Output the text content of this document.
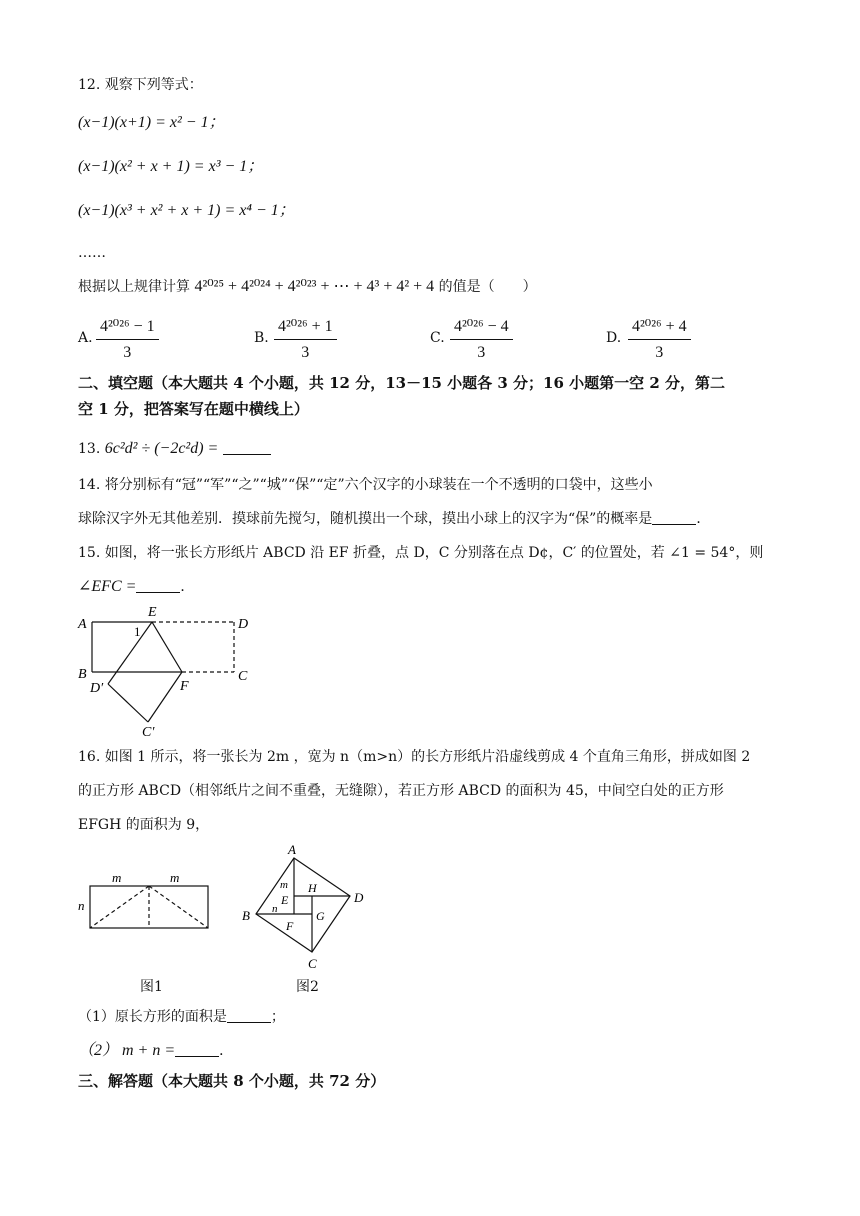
12. 观察下列等式：
(x−1)(x+1) = x² − 1；
(x−1)(x² + x + 1) = x³ − 1；
(x−1)(x³ + x² + x + 1) = x⁴ − 1；
……
根据以上规律计算 4²⁰²⁵ + 4²⁰²⁴ + 4²⁰²³ + ⋯ + 4³ + 4² + 4 的值是（　　）
A. $\frac{\text{4²⁰²⁶ − 1}}{3}$	B. $\frac{\text{4²⁰²⁶ + 1}}{3}$	C. $\frac{\text{4²⁰²⁶ − 4}}{3}$	D. $\frac{\text{4²⁰²⁶ + 4}}{3}$
二、填空题（本大题共 4 个小题，共 12 分，13－15 小题各 3 分；16 小题第一空 2 分，第二
空 1 分，把答案写在题中横线上）
13. 6c²d² ÷ (−2c²d) =
14. 将分别标有“冠”“军”“之”“城”“保”“定”六个汉字的小球装在一个不透明的口袋中，这些小
球除汉字外无其他差别．摸球前先搅匀，随机摸出一个球，摸出小球上的汉字为“保”的概率是	．
15. 如图，将一张长方形纸片 ABCD 沿 EF 折叠，点 D，C 分别落在点 D¢，C′ 的位置处，若 ∠1 = 54°，则
∠EFC =	．
A
B	C
D
E
F
D′
C′
1
16. 如图 1 所示，将一张长为 2m ，宽为 n（m>n）的长方形纸片沿虚线剪成 4 个直角三角形，拼成如图 2
的正方形 ABCD（相邻纸片之间不重叠，无缝隙），若正方形 ABCD 的面积为 45，中间空白处的正方形
EFGH 的面积为 9，
m	m
n
A
B
C
D
E
F
G
H
m
n
图1	图2
（1）原长方形的面积是	；
（2） m + n =	．
三、解答题（本大题共 8 个小题，共 72 分）
